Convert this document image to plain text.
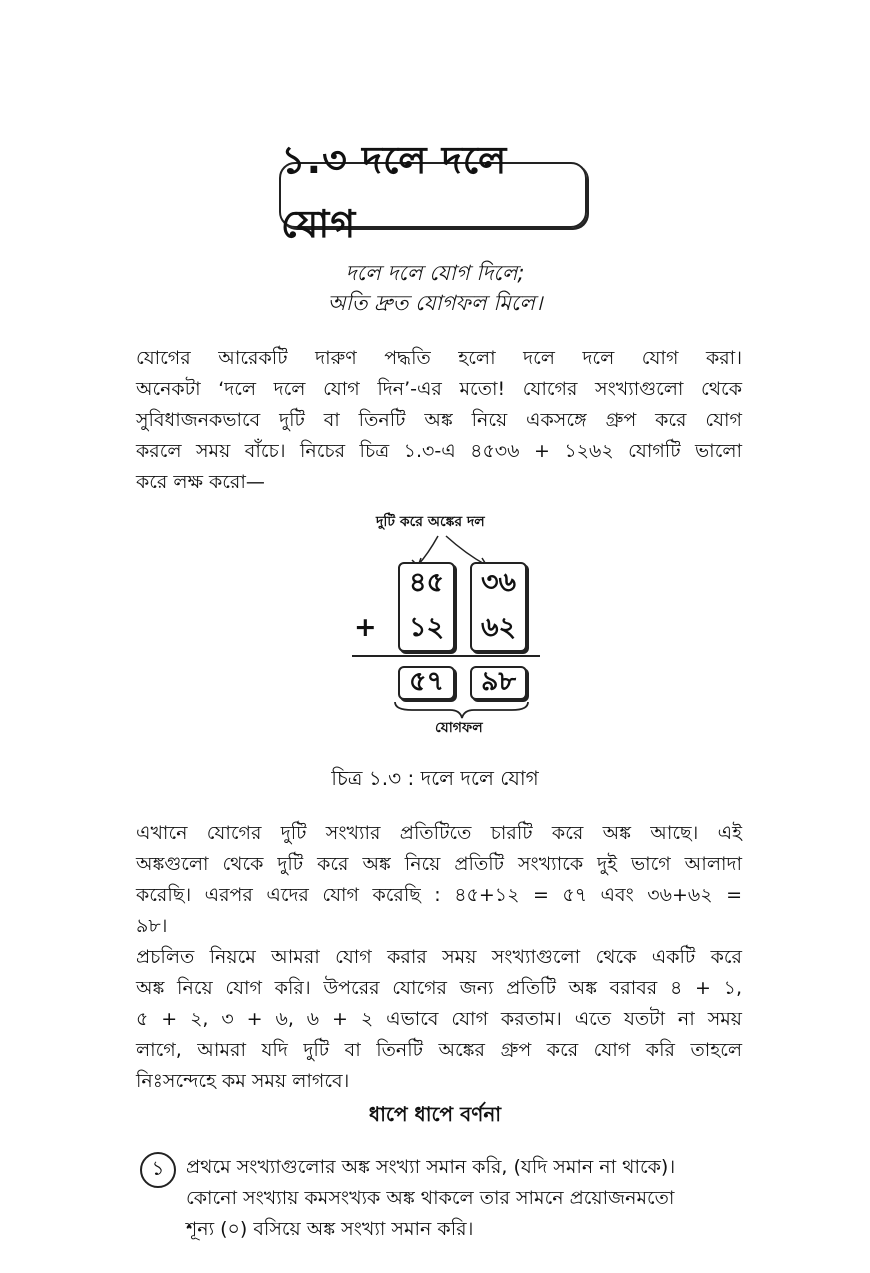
১.৩ দলে দলে যোগ
দলে দলে যোগ দিলে;
অতি দ্রুত যোগফল মিলে।
যোগের আরেকটি দারুণ পদ্ধতি হলো দলে দলে যোগ করা।
অনেকটা ‘দলে দলে যোগ দিন’-এর মতো! যোগের সংখ্যাগুলো থেকে
সুবিধাজনকভাবে দুটি বা তিনটি অঙ্ক নিয়ে একসঙ্গে গ্রুপ করে যোগ
করলে সময় বাঁচে। নিচের চিত্র ১.৩-এ ৪৫৩৬ + ১২৬২ যোগটি ভালো
করে লক্ষ করো—
দুটি করে অঙ্কের দল
৪৫
১২
৩৬
৬২
+
৫৭	৯৮
যোগফল
চিত্র ১.৩ : দলে দলে যোগ
এখানে যোগের দুটি সংখ্যার প্রতিটিতে চারটি করে অঙ্ক আছে। এই
অঙ্কগুলো থেকে দুটি করে অঙ্ক নিয়ে প্রতিটি সংখ্যাকে দুই ভাগে আলাদা
করেছি। এরপর এদের যোগ করেছি : ৪৫+১২ = ৫৭ এবং ৩৬+৬২ =
৯৮।
প্রচলিত নিয়মে আমরা যোগ করার সময় সংখ্যাগুলো থেকে একটি করে
অঙ্ক নিয়ে যোগ করি। উপরের যোগের জন্য প্রতিটি অঙ্ক বরাবর ৪ + ১,
৫ + ২, ৩ + ৬, ৬ + ২ এভাবে যোগ করতাম। এতে যতটা না সময়
লাগে, আমরা যদি দুটি বা তিনটি অঙ্কের গ্রুপ করে যোগ করি তাহলে
নিঃসন্দেহে কম সময় লাগবে।
ধাপে ধাপে বর্ণনা
১	প্রথমে সংখ্যাগুলোর অঙ্ক সংখ্যা সমান করি, (যদি সমান না থাকে)।
কোনো সংখ্যায় কমসংখ্যক অঙ্ক থাকলে তার সামনে প্রয়োজনমতো
শূন্য (০) বসিয়ে অঙ্ক সংখ্যা সমান করি।
